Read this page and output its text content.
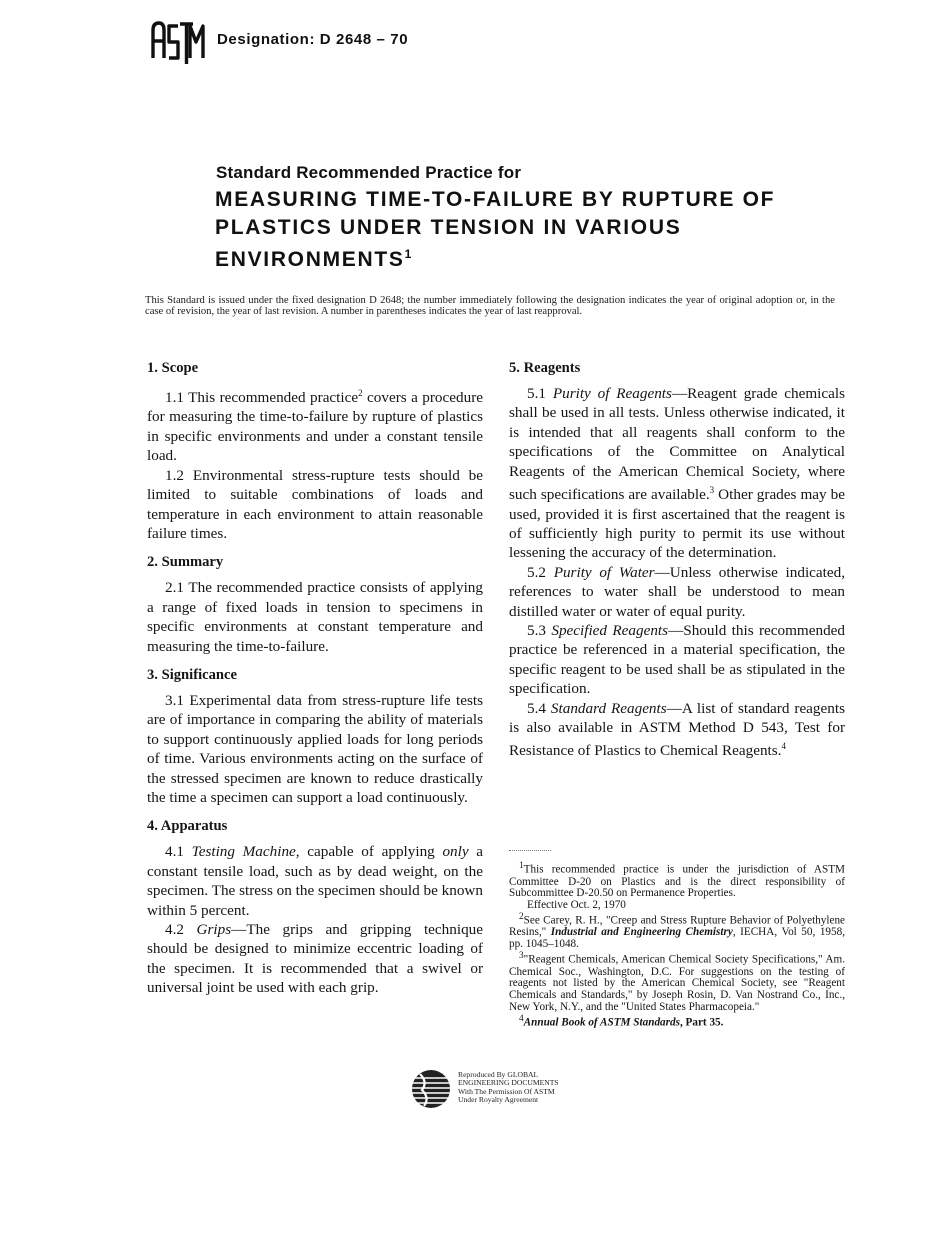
ASTM
Designation: D 2648 – 70
Standard Recommended Practice for
MEASURING TIME-TO-FAILURE BY RUPTURE OF PLASTICS UNDER TENSION IN VARIOUS ENVIRONMENTS$^1$

This Standard is issued under the fixed designation D 2648; the number immediately following the designation indicates the year of original adoption or, in the case of revision, the year of last revision. A number in parentheses indicates the year of last reapproval.

1. Scope

1.1 This recommended practice$^2$ covers a procedure for measuring the time-to-failure by rupture of plastics in specific environments and under a constant tensile load.

1.2 Environmental stress-rupture tests should be limited to suitable combinations of loads and temperature in each environment to attain reasonable failure times.

2. Summary

2.1 The recommended practice consists of applying a range of fixed loads in tension to specimens in specific environments at constant temperature and measuring the time-to-failure.

3. Significance

3.1 Experimental data from stress-rupture life tests are of importance in comparing the ability of materials to support continuously applied loads for long periods of time. Various environments acting on the surface of the stressed specimen are known to reduce drastically the time a specimen can support a load continuously.

4. Apparatus

4.1 Testing Machine, capable of applying only a constant tensile load, such as by dead weight, on the specimen. The stress on the specimen should be known within 5 percent.

4.2 Grips—The grips and gripping technique should be designed to minimize eccentric loading of the specimen. It is recommended that a swivel or universal joint be used with each grip.

5. Reagents

5.1 Purity of Reagents—Reagent grade chemicals shall be used in all tests. Unless otherwise indicated, it is intended that all reagents shall conform to the specifications of the Committee on Analytical Reagents of the American Chemical Society, where such specifications are available.$^3$ Other grades may be used, provided it is first ascertained that the reagent is of sufficiently high purity to permit its use without lessening the accuracy of the determination.

5.2 Purity of Water—Unless otherwise indicated, references to water shall be understood to mean distilled water or water of equal purity.

5.3 Specified Reagents—Should this recommended practice be referenced in a material specification, the specific reagent to be used shall be as stipulated in the specification.

5.4 Standard Reagents—A list of standard reagents is also available in ASTM Method D 543, Test for Resistance of Plastics to Chemical Reagents.$^4$

$^1$This recommended practice is under the jurisdiction of ASTM Committee D-20 on Plastics and is the direct responsibility of Subcommittee D-20.50 on Permanence Properties.

Effective Oct. 2, 1970

$^2$See Carey, R. H., "Creep and Stress Rupture Behavior of Polyethylene Resins," Industrial and Engineering Chemistry, IECHA, Vol 50, 1958, pp. 1045–1048.

$^3$"Reagent Chemicals, American Chemical Society Specifications," Am. Chemical Soc., Washington, D.C. For suggestions on the testing of reagents not listed by the American Chemical Society, see "Reagent Chemicals and Standards," by Joseph Rosin, D. Van Nostrand Co., Inc., New York, N.Y., and the "United States Pharmacopeia."

$^4$Annual Book of ASTM Standards, Part 35.

Reproduced By GLOBAL
ENGINEERING DOCUMENTS
With The Permission Of ASTM
Under Royalty Agreement
